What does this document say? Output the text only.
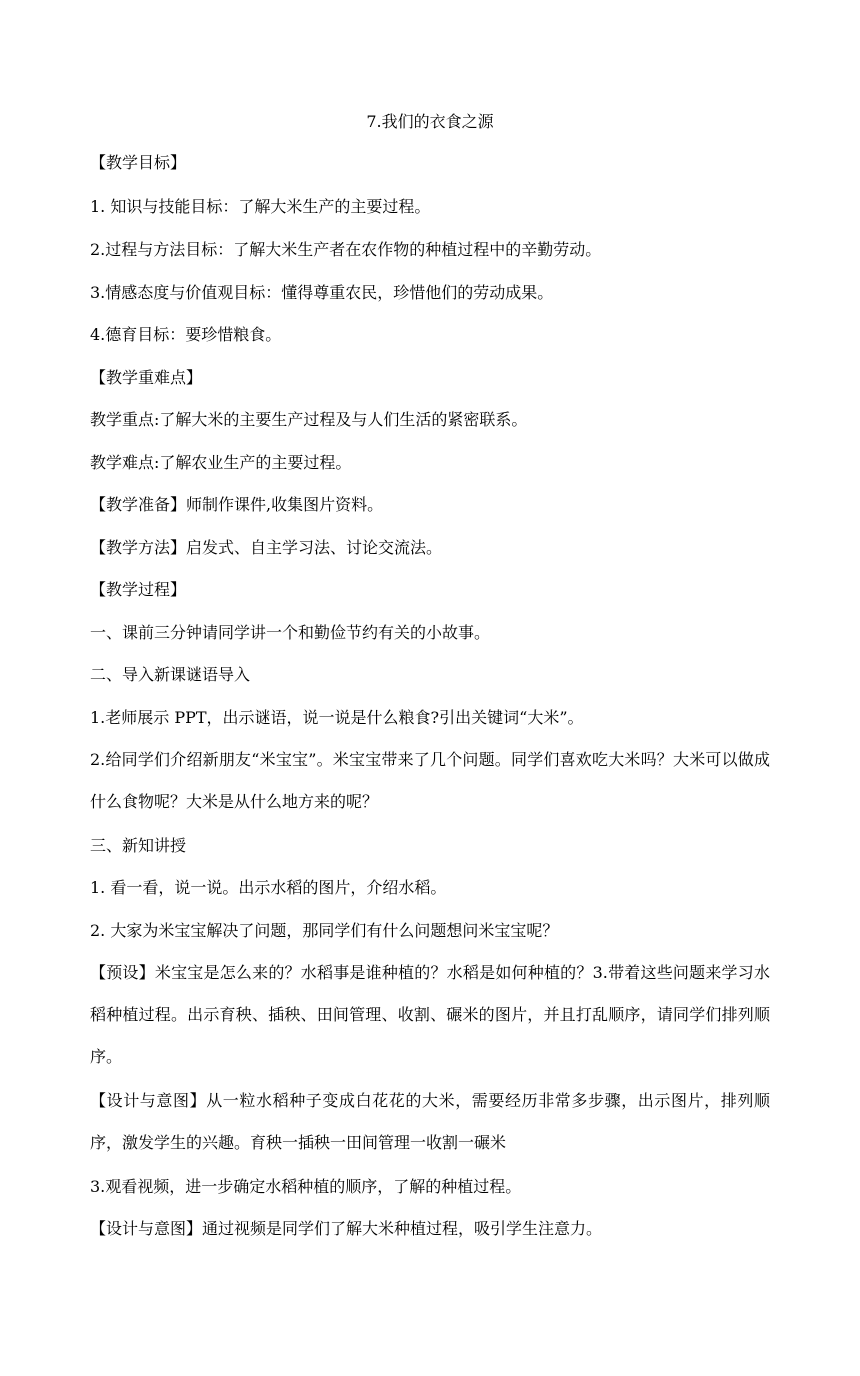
7.我们的衣食之源
【教学目标】
1. 知识与技能目标：了解大米生产的主要过程。
2.过程与方法目标：了解大米生产者在农作物的种植过程中的辛勤劳动。
3.情感态度与价值观目标：懂得尊重农民，珍惜他们的劳动成果。
4.德育目标：要珍惜粮食。
【教学重难点】
教学重点:了解大米的主要生产过程及与人们生活的紧密联系。
教学难点:了解农业生产的主要过程。
【教学准备】师制作课件,收集图片资料。
【教学方法】启发式、自主学习法、讨论交流法。
【教学过程】
一、课前三分钟请同学讲一个和勤俭节约有关的小故事。
二、导入新课谜语导入
1.老师展示 PPT，出示谜语，说一说是什么粮食?引出关键词“大米”。
2.给同学们介绍新朋友“米宝宝”。米宝宝带来了几个问题。同学们喜欢吃大米吗？大米可以做成什么食物呢？大米是从什么地方来的呢？
三、新知讲授
1. 看一看，说一说。出示水稻的图片，介绍水稻。
2. 大家为米宝宝解决了问题，那同学们有什么问题想问米宝宝呢？
【预设】米宝宝是怎么来的？水稻事是谁种植的？水稻是如何种植的？3.带着这些问题来学习水稻种植过程。出示育秧、插秧、田间管理、收割、碾米的图片，并且打乱顺序，请同学们排列顺序。
【设计与意图】从一粒水稻种子变成白花花的大米，需要经历非常多步骤，出示图片，排列顺序，激发学生的兴趣。育秧一插秧一田间管理一收割一碾米
3.观看视频，进一步确定水稻种植的顺序，了解的种植过程。
【设计与意图】通过视频是同学们了解大米种植过程，吸引学生注意力。
